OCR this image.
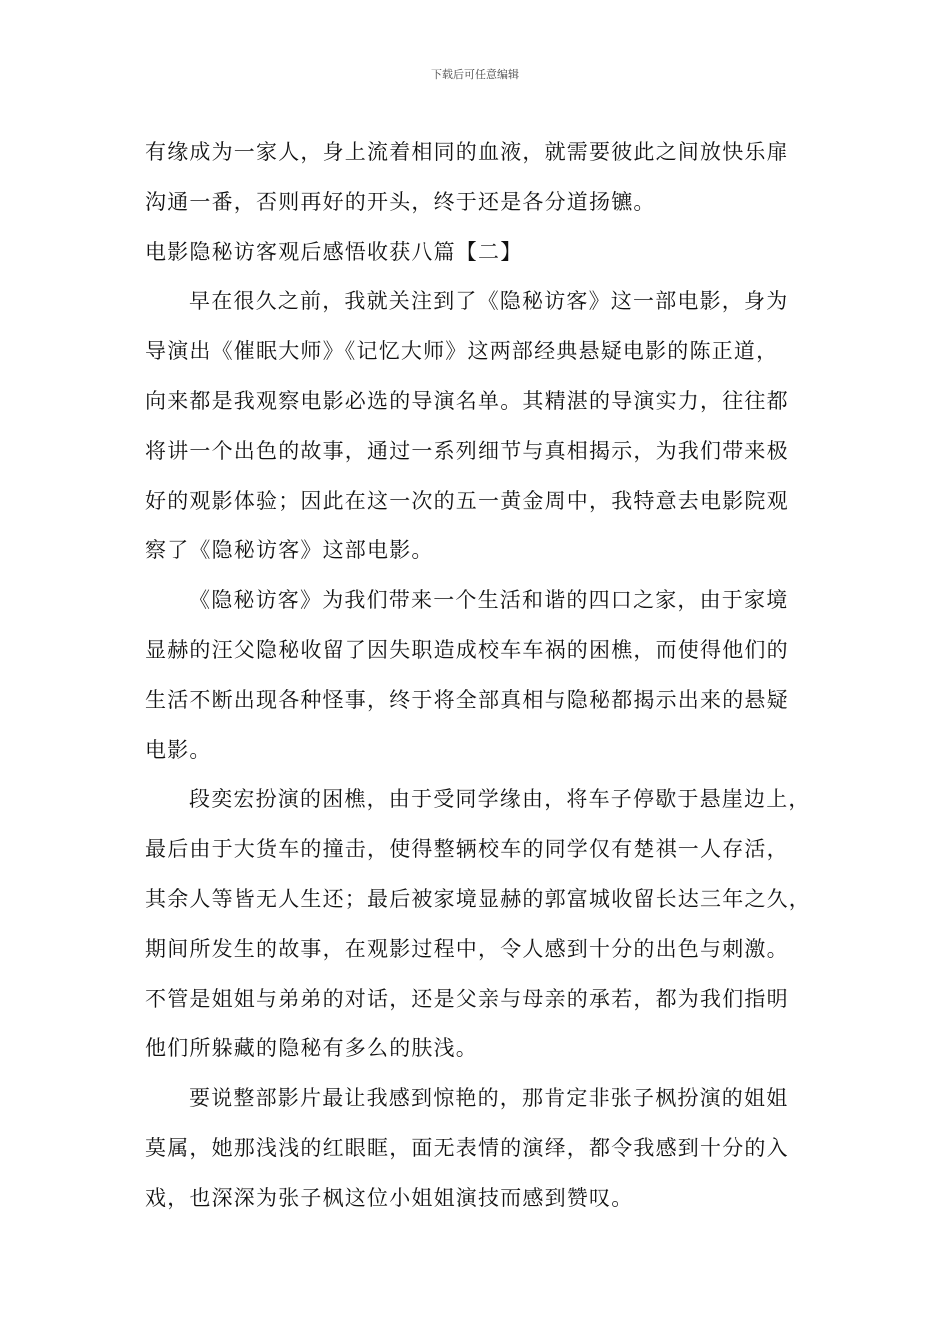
下载后可任意编辑
有缘成为一家人，身上流着相同的血液，就需要彼此之间放快乐扉
沟通一番，否则再好的开头，终于还是各分道扬镳。
电影隐秘访客观后感悟收获八篇【二】
早在很久之前，我就关注到了《隐秘访客》这一部电影，身为
导演出《催眠大师》《记忆大师》这两部经典悬疑电影的陈正道，
向来都是我观察电影必选的导演名单。其精湛的导演实力，往往都
将讲一个出色的故事，通过一系列细节与真相揭示，为我们带来极
好的观影体验；因此在这一次的五一黄金周中，我特意去电影院观
察了《隐秘访客》这部电影。
《隐秘访客》为我们带来一个生活和谐的四口之家，由于家境
显赫的汪父隐秘收留了因失职造成校车车祸的困樵，而使得他们的
生活不断出现各种怪事，终于将全部真相与隐秘都揭示出来的悬疑
电影。
段奕宏扮演的困樵，由于受同学缘由，将车子停歇于悬崖边上，
最后由于大货车的撞击，使得整辆校车的同学仅有楚祺一人存活，
其余人等皆无人生还；最后被家境显赫的郭富城收留长达三年之久，
期间所发生的故事，在观影过程中，令人感到十分的出色与刺激。
不管是姐姐与弟弟的对话，还是父亲与母亲的承若，都为我们指明
他们所躲藏的隐秘有多么的肤浅。
要说整部影片最让我感到惊艳的，那肯定非张子枫扮演的姐姐
莫属，她那浅浅的红眼眶，面无表情的演绎，都令我感到十分的入
戏，也深深为张子枫这位小姐姐演技而感到赞叹。
